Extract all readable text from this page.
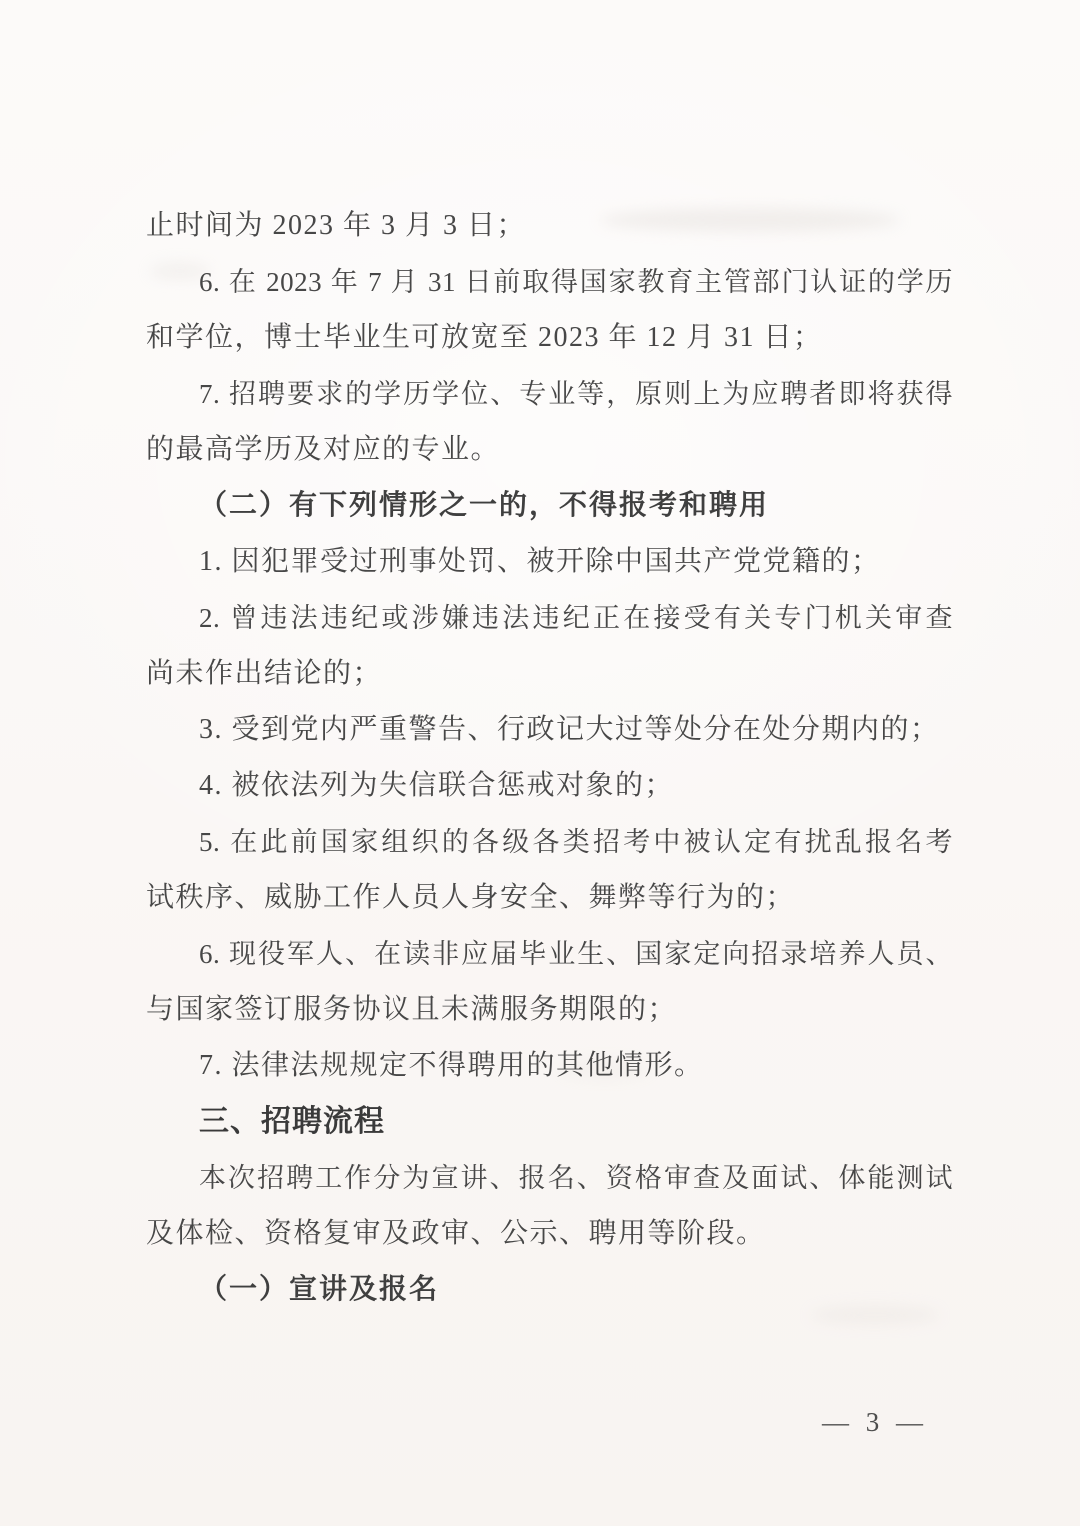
止时间为 2023 年 3 月 3 日；
6. 在 2023 年 7 月 31 日前取得国家教育主管部门认证的学历
和学位，博士毕业生可放宽至 2023 年 12 月 31 日；
7. 招聘要求的学历学位、专业等，原则上为应聘者即将获得
的最高学历及对应的专业。
（二）有下列情形之一的，不得报考和聘用
1. 因犯罪受过刑事处罚、被开除中国共产党党籍的；
2. 曾违法违纪或涉嫌违法违纪正在接受有关专门机关审查
尚未作出结论的；
3. 受到党内严重警告、行政记大过等处分在处分期内的；
4. 被依法列为失信联合惩戒对象的；
5. 在此前国家组织的各级各类招考中被认定有扰乱报名考
试秩序、威胁工作人员人身安全、舞弊等行为的；
6. 现役军人、在读非应届毕业生、国家定向招录培养人员、
与国家签订服务协议且未满服务期限的；
7. 法律法规规定不得聘用的其他情形。
三、招聘流程
本次招聘工作分为宣讲、报名、资格审查及面试、体能测试
及体检、资格复审及政审、公示、聘用等阶段。
（一）宣讲及报名
— 3 —
